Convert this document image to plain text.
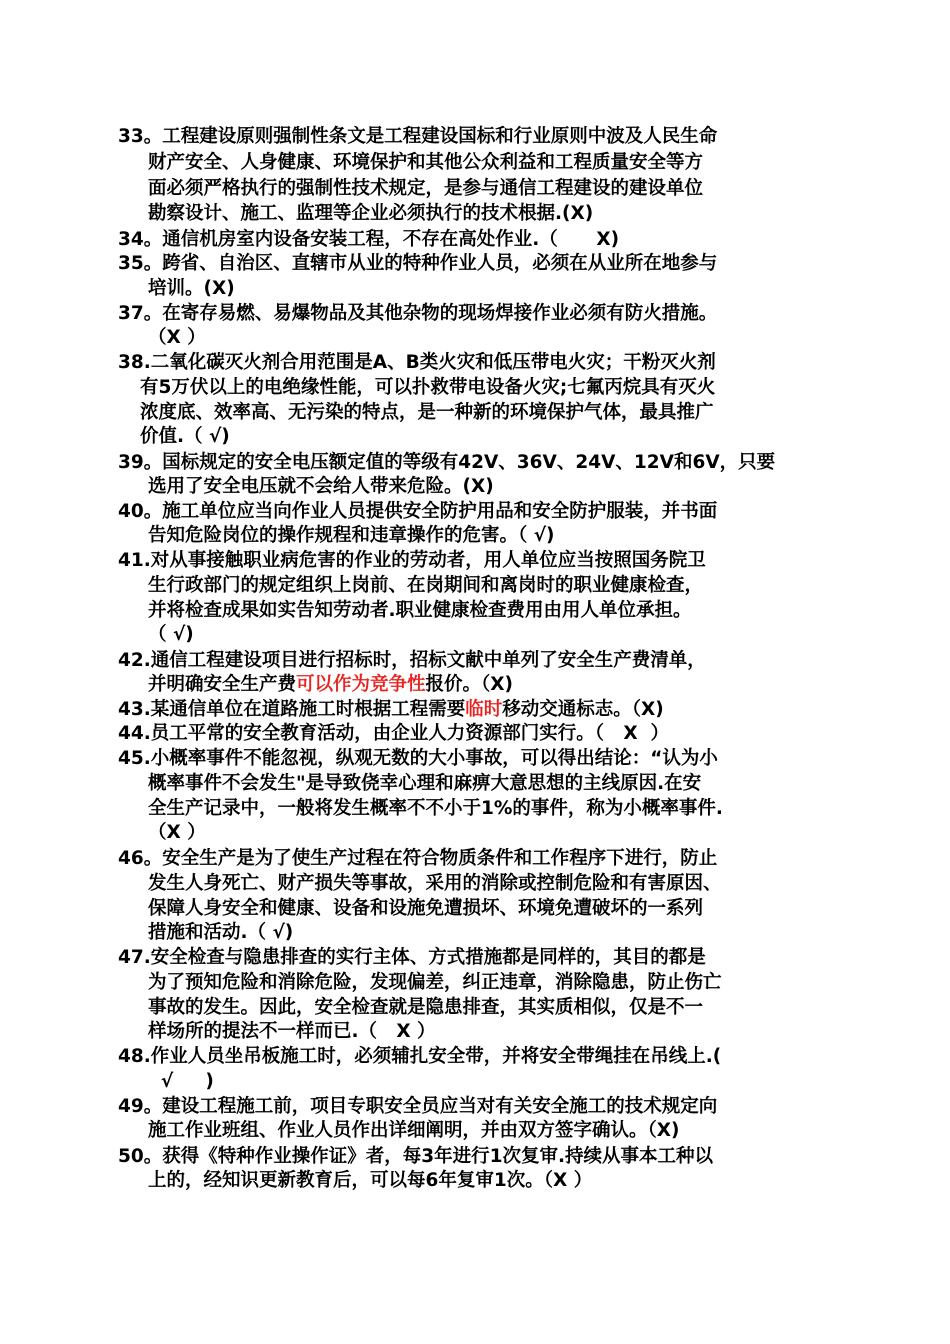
33。工程建设原则强制性条文是工程建设国标和行业原则中波及人民生命
财产安全、人身健康、环境保护和其他公众利益和工程质量安全等方
面必须严格执行的强制性技术规定，是参与通信工程建设的建设单位
勘察设计、施工、监理等企业必须执行的技术根据.(X)
34。通信机房室内设备安装工程，不存在高处作业.（      X)
35。跨省、自治区、直辖市从业的特种作业人员，必须在从业所在地参与
培训。(X)
37。在寄存易燃、易爆物品及其他杂物的现场焊接作业必须有防火措施。
（X ）
38.二氧化碳灭火剂合用范围是A、B类火灾和低压带电火灾；干粉灭火剂
有5万伏以上的电绝缘性能，可以扑救带电设备火灾;七氟丙烷具有灭火
浓度底、效率高、无污染的特点，是一种新的环境保护气体，最具推广
价值.（ √)
39。国标规定的安全电压额定值的等级有42V、36V、24V、12V和6V，只要
选用了安全电压就不会给人带来危险。(X)
40。施工单位应当向作业人员提供安全防护用品和安全防护服装，并书面
告知危险岗位的操作规程和违章操作的危害。（ √)
41.对从事接触职业病危害的作业的劳动者，用人单位应当按照国务院卫
生行政部门的规定组织上岗前、在岗期间和离岗时的职业健康检查，
并将检查成果如实告知劳动者.职业健康检查费用由用人单位承担。
（ √)
42.通信工程建设项目进行招标时，招标文献中单列了安全生产费清单，
并明确安全生产费可以作为竞争性报价。（X)
43.某通信单位在道路施工时根据工程需要临时移动交通标志。（X)
44.员工平常的安全教育活动，由企业人力资源部门实行。（   X  ）
45.小概率事件不能忽视，纵观无数的大小事故，可以得出结论：“认为小
概率事件不会发生"是导致侥幸心理和麻痹大意思想的主线原因.在安
全生产记录中，一般将发生概率不不小于1%的事件，称为小概率事件.
（X ）
46。安全生产是为了使生产过程在符合物质条件和工作程序下进行，防止
发生人身死亡、财产损失等事故，采用的消除或控制危险和有害原因、
保障人身安全和健康、设备和设施免遭损坏、环境免遭破坏的一系列
措施和活动.（ √)
47.安全检查与隐患排查的实行主体、方式措施都是同样的，其目的都是
为了预知危险和消除危险，发现偏差，纠正违章，消除隐患，防止伤亡
事故的发生。因此，安全检查就是隐患排查，其实质相似，仅是不一
样场所的提法不一样而已.（   X ）
48.作业人员坐吊板施工时，必须辅扎安全带，并将安全带绳挂在吊线上.(
√     )
49。建设工程施工前，项目专职安全员应当对有关安全施工的技术规定向
施工作业班组、作业人员作出详细阐明，并由双方签字确认。（X)
50。获得《特种作业操作证》者，每3年进行1次复审.持续从事本工种以
上的，经知识更新教育后，可以每6年复审1次。（X ）
